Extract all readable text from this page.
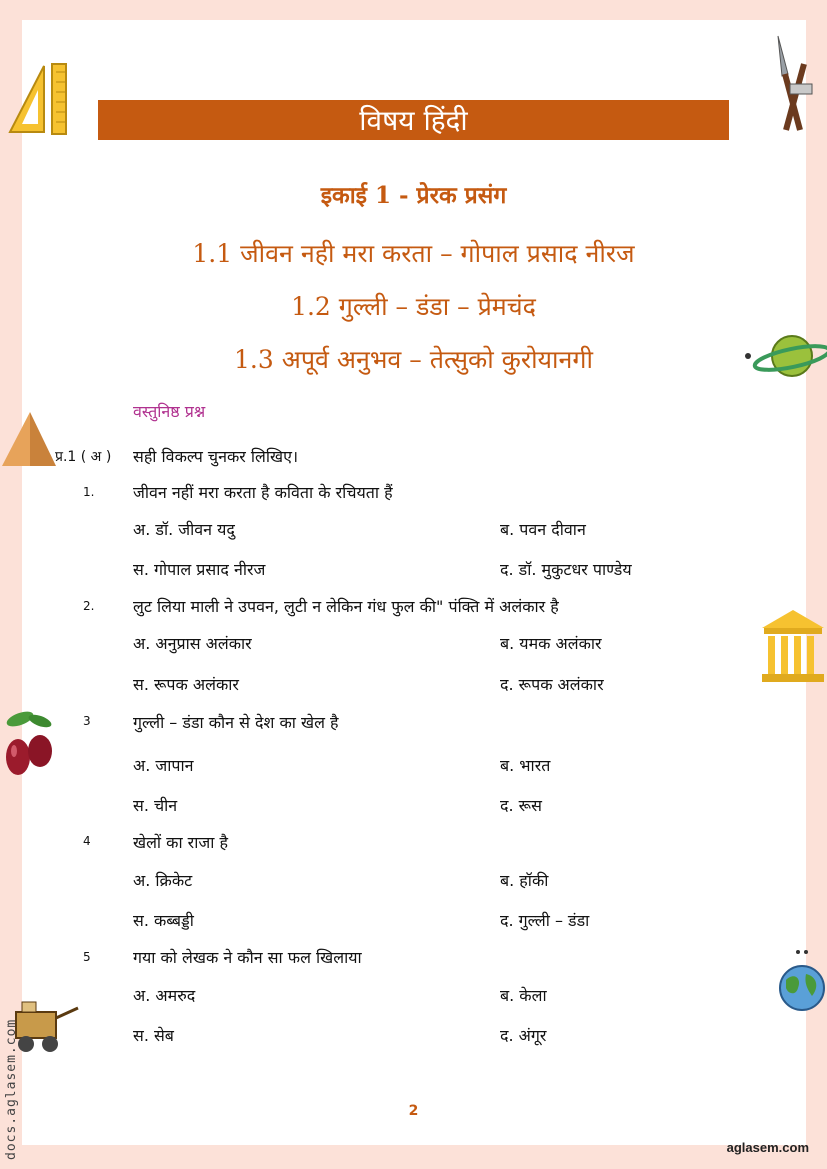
docs.aglasem.com
विषय हिंदी
इकाई 1 - प्रेरक प्रसंग
1.1 जीवन नही मरा करता – गोपाल प्रसाद नीरज
1.2 गुल्ली – डंडा – प्रेमचंद
1.3 अपूर्व अनुभव – तेत्सुको कुरोयानगी
वस्तुनिष्ठ प्रश्न
प्र.1 ( अ ) सही विकल्प चुनकर लिखिए।
1. जीवन नहीं मरा करता है कविता के रचियता हैं
अ. डॉ. जीवन यदु	ब. पवन दीवान
स. गोपाल प्रसाद नीरज	द. डॉ. मुकुटधर पाण्डेय
2. लुट लिया माली ने उपवन, लुटी न लेकिन गंध फुल की" पंक्ति में अलंकार है
अ. अनुप्रास अलंकार	ब. यमक अलंकार
स. रूपक अलंकार	द. रूपक अलंकार
3	गुल्ली – डंडा कौन से देश का खेल है
अ. जापान	ब. भारत
स. चीन	द. रूस
4	खेलों का राजा है
अ. क्रिकेट	ब. हॉकी
स. कब्बड्डी	द. गुल्ली – डंडा
5	गया को लेखक ने कौन सा फल खिलाया
अ. अमरुद	ब. केला
स. सेब	द. अंगूर
2
aglasem.com
